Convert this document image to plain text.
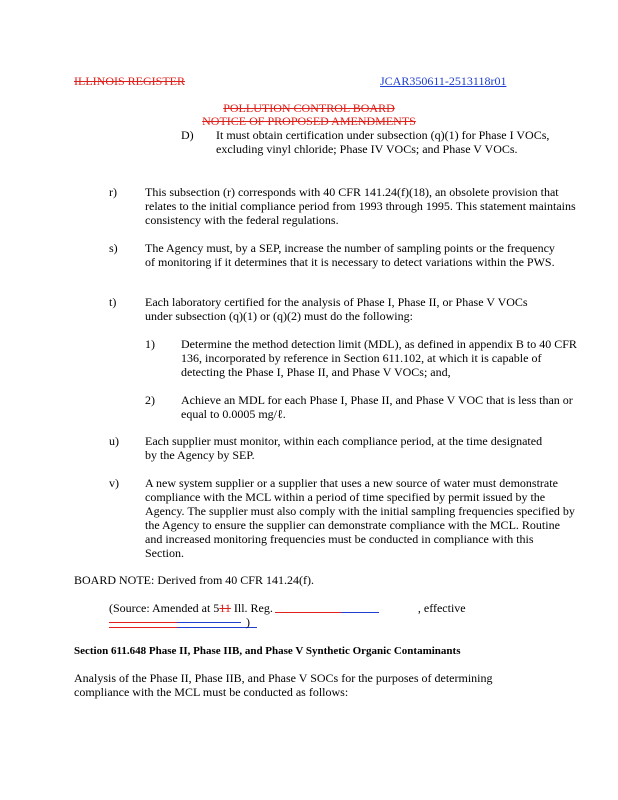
ILLINOIS REGISTER	JCAR350611-2513118r01
POLLUTION CONTROL BOARD
NOTICE OF PROPOSED AMENDMENTS
D) It must obtain certification under subsection (q)(1) for Phase I VOCs, excluding vinyl chloride; Phase IV VOCs; and Phase V VOCs.
r) This subsection (r) corresponds with 40 CFR 141.24(f)(18), an obsolete provision that relates to the initial compliance period from 1993 through 1995. This statement maintains consistency with the federal regulations.
s) The Agency must, by a SEP, increase the number of sampling points or the frequency of monitoring if it determines that it is necessary to detect variations within the PWS.
t) Each laboratory certified for the analysis of Phase I, Phase II, or Phase V VOCs under subsection (q)(1) or (q)(2) must do the following:
1) Determine the method detection limit (MDL), as defined in appendix B to 40 CFR 136, incorporated by reference in Section 611.102, at which it is capable of detecting the Phase I, Phase II, and Phase V VOCs; and,
2) Achieve an MDL for each Phase I, Phase II, and Phase V VOC that is less than or equal to 0.0005 mg/ℓ.
u) Each supplier must monitor, within each compliance period, at the time designated by the Agency by SEP.
v) A new system supplier or a supplier that uses a new source of water must demonstrate compliance with the MCL within a period of time specified by permit issued by the Agency. The supplier must also comply with the initial sampling frequencies specified by the Agency to ensure the supplier can demonstrate compliance with the MCL. Routine and increased monitoring frequencies must be conducted in compliance with this Section.
BOARD NOTE: Derived from 40 CFR 141.24(f).
(Source: Amended at 511 Ill. Reg.	, effective
)
Section 611.648 Phase II, Phase IIB, and Phase V Synthetic Organic Contaminants
Analysis of the Phase II, Phase IIB, and Phase V SOCs for the purposes of determining compliance with the MCL must be conducted as follows:
